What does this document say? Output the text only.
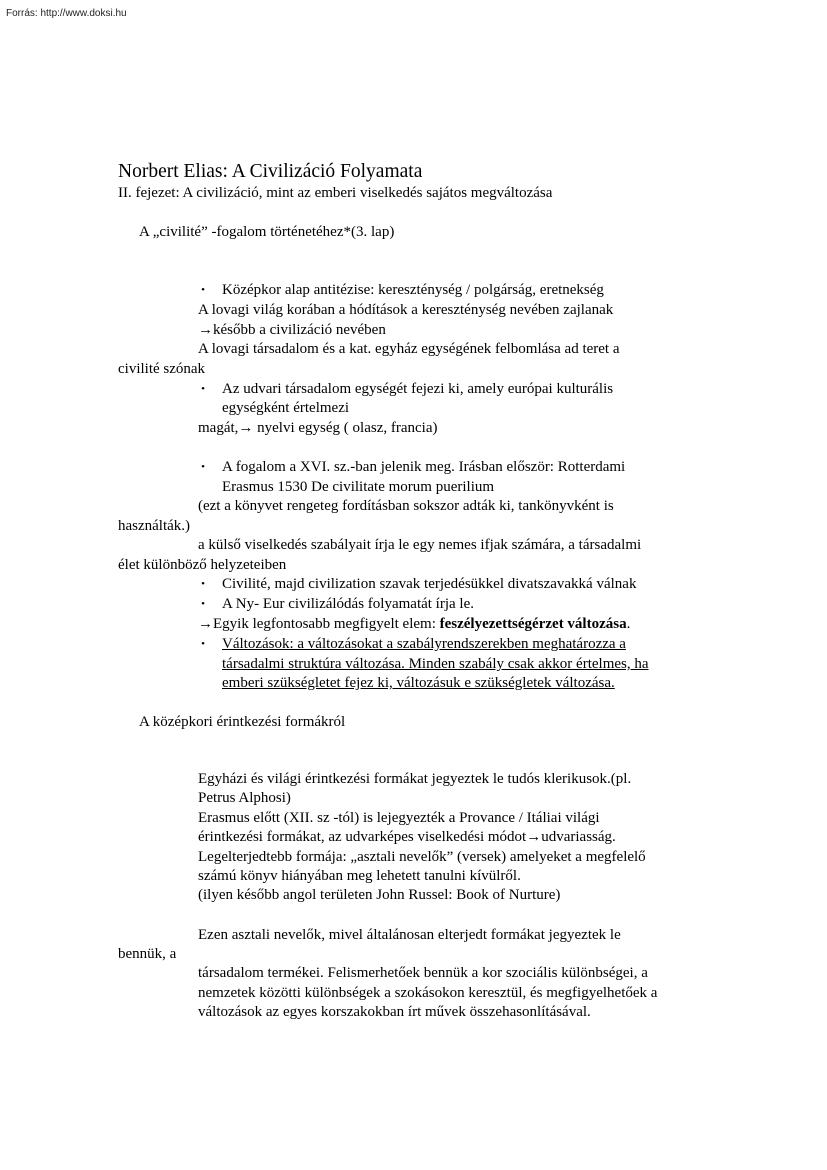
Forrás: http://www.doksi.hu
Norbert Elias: A Civilizáció Folyamata
II. fejezet: A civilizáció, mint az emberi viselkedés sajátos megváltozása
A „civilité” -fogalom történetéhez*(3. lap)
• Középkor alap antitézise: kereszténység / polgárság, eretnekség
A lovagi világ korában a hódítások a kereszténység nevében zajlanak
→később a civilizáció nevében
A lovagi társadalom és a kat. egyház egységének felbomlása ad teret a
civilité szónak
• Az udvari társadalom egységét fejezi ki, amely európai kulturális
egységként értelmezi
magát,→ nyelvi egység ( olasz, francia)
• A fogalom a XVI. sz.-ban jelenik meg. Irásban először: Rotterdami
Erasmus 1530 De civilitate morum puerilium
(ezt a könyvet rengeteg fordításban sokszor adták ki, tankönyvként is
használták.)
a külső viselkedés szabályait írja le egy nemes ifjak számára, a társadalmi
élet különböző helyzeteiben
• Civilité, majd civilization szavak terjedésükkel divatszavakká válnak
• A Ny- Eur civilizálódás folyamatát írja le.
→Egyik legfontosabb megfigyelt elem: feszélyezettségérzet változása.
• Változások: a változásokat a szabályrendszerekben meghatározza a
társadalmi struktúra változása. Minden szabály csak akkor értelmes, ha
emberi szükségletet fejez ki, változásuk e szükségletek változása.
A középkori érintkezési formákról
Egyházi és világi érintkezési formákat jegyeztek le tudós klerikusok.(pl.
Petrus Alphosi)
Erasmus előtt (XII. sz -tól) is lejegyezték a Provance / Itáliai világi
érintkezési formákat, az udvarképes viselkedési módot→udvariasság.
Legelterjedtebb formája: „asztali nevelők” (versek) amelyeket a megfelelő
számú könyv hiányában meg lehetett tanulni kívülről.
(ilyen később angol területen John Russel: Book of Nurture)
Ezen asztali nevelők, mivel általánosan elterjedt formákat jegyeztek le
bennük, a
társadalom termékei. Felismerhetőek bennük a kor szociális különbségei, a
nemzetek közötti különbségek a szokásokon keresztül, és megfigyelhetőek a
változások az egyes korszakokban írt művek összehasonlításával.
